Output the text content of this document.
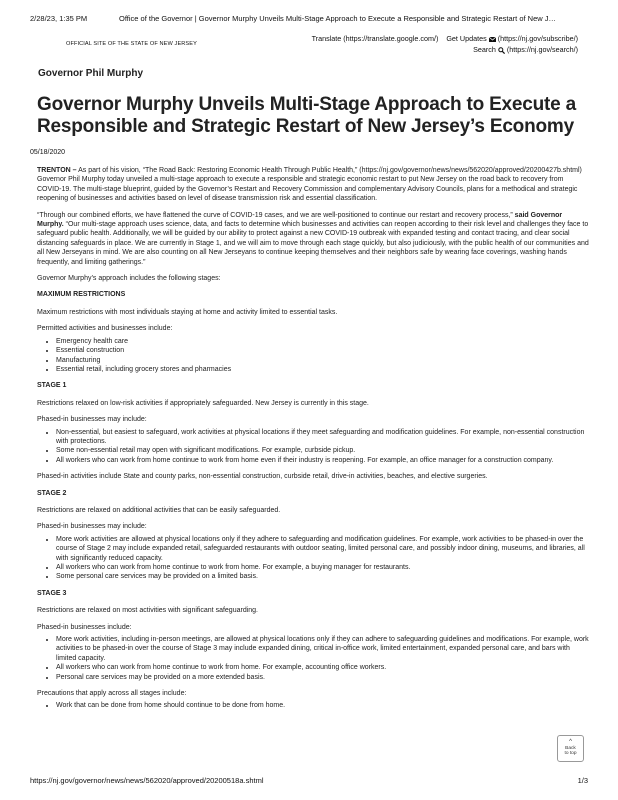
2/28/23, 1:35 PM	Office of the Governor | Governor Murphy Unveils Multi-Stage Approach to Execute a Responsible and Strategic Restart of New J…
OFFICIAL SITE OF THE STATE OF NEW JERSEY
Translate (https://translate.google.com/) Get Updates (https://nj.gov/subscribe/)
Search (https://nj.gov/search/)
Governor Phil Murphy
Governor Murphy Unveils Multi-Stage Approach to Execute a Responsible and Strategic Restart of New Jersey’s Economy
05/18/2020

TRENTON – As part of his vision, “The Road Back: Restoring Economic Health Through Public Health,” (https://nj.gov/governor/news/news/562020/approved/20200427b.shtml) Governor Phil Murphy today unveiled a multi-stage approach to execute a responsible and strategic economic restart to put New Jersey on the road back to recovery from COVID-19. The multi-stage blueprint, guided by the Governor’s Restart and Recovery Commission and complementary Advisory Councils, plans for a methodical and strategic reopening of businesses and activities based on level of disease transmission risk and essential classification.

“Through our combined efforts, we have flattened the curve of COVID-19 cases, and we are well-positioned to continue our restart and recovery process,” said Governor Murphy. “Our multi-stage approach uses science, data, and facts to determine which businesses and activities can reopen according to their risk level and challenges they face to safeguard public health. Additionally, we will be guided by our ability to protect against a new COVID-19 outbreak with expanded testing and contact tracing, and clear social distancing safeguards in place. We are currently in Stage 1, and we will aim to move through each stage quickly, but also judiciously, with the public health of our communities and all New Jerseyans in mind. We are also counting on all New Jerseyans to continue keeping themselves and their neighbors safe by wearing face coverings, washing hands frequently, and limiting gatherings.”

Governor Murphy’s approach includes the following stages:

MAXIMUM RESTRICTIONS

Maximum restrictions with most individuals staying at home and activity limited to essential tasks.

Permitted activities and businesses include:

• Emergency health care
• Essential construction
• Manufacturing
• Essential retail, including grocery stores and pharmacies

STAGE 1

Restrictions relaxed on low-risk activities if appropriately safeguarded. New Jersey is currently in this stage.

Phased-in businesses may include:

• Non-essential, but easiest to safeguard, work activities at physical locations if they meet safeguarding and modification guidelines. For example, non-essential construction with protections.
• Some non-essential retail may open with significant modifications. For example, curbside pickup.
• All workers who can work from home continue to work from home even if their industry is reopening. For example, an office manager for a construction company.

Phased-in activities include State and county parks, non-essential construction, curbside retail, drive-in activities, beaches, and elective surgeries.

STAGE 2

Restrictions are relaxed on additional activities that can be easily safeguarded.

Phased-in businesses may include:

• More work activities are allowed at physical locations only if they adhere to safeguarding and modification guidelines. For example, work activities to be phased-in over the course of Stage 2 may include expanded retail, safeguarded restaurants with outdoor seating, limited personal care, and possibly indoor dining, museums, and libraries, all with significantly reduced capacity.
• All workers who can work from home continue to work from home. For example, a buying manager for restaurants.
• Some personal care services may be provided on a limited basis.

STAGE 3

Restrictions are relaxed on most activities with significant safeguarding.

Phased-in businesses include:

• More work activities, including in-person meetings, are allowed at physical locations only if they can adhere to safeguarding guidelines and modifications. For example, work activities to be phased-in over the course of Stage 3 may include expanded dining, critical in-office work, limited entertainment, expanded personal care, and bars with limited capacity.
• All workers who can work from home continue to work from home. For example, accounting office workers.
• Personal care services may be provided on a more extended basis.

Precautions that apply across all stages include:

• Work that can be done from home should continue to be done from home.
^
Back
to top
https://nj.gov/governor/news/news/562020/approved/20200518a.shtml	1/3
